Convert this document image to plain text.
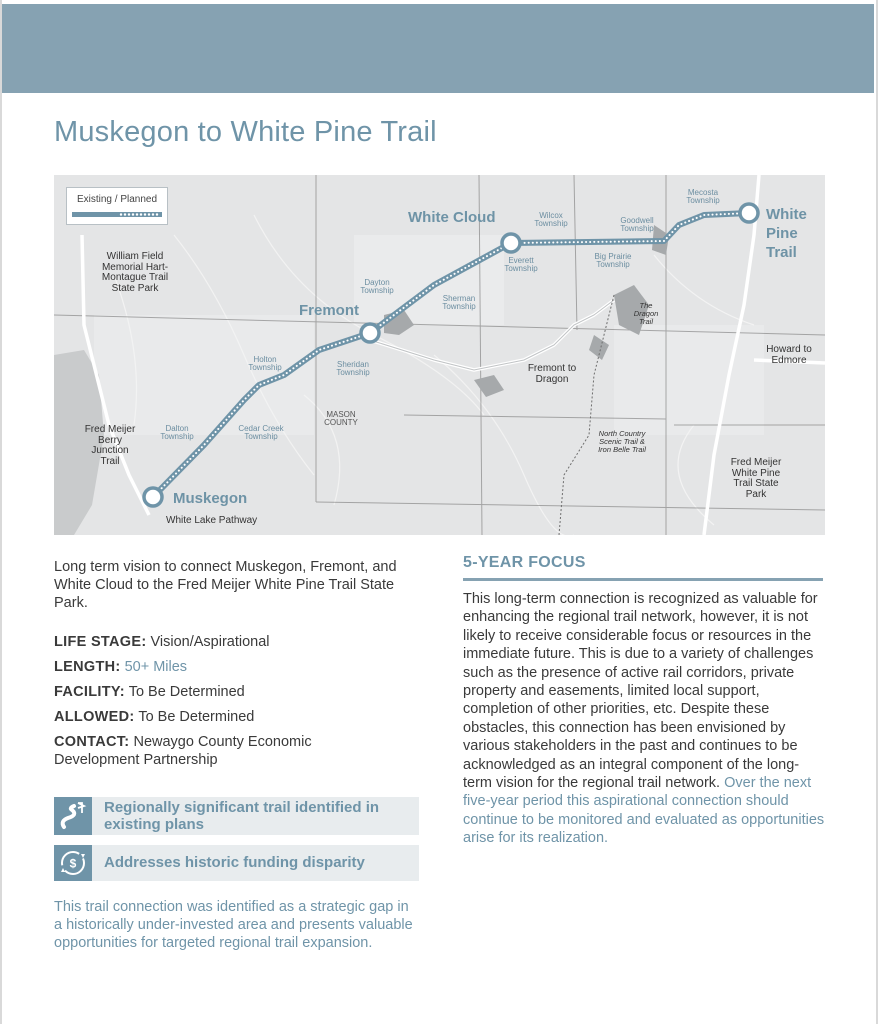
Muskegon to White Pine Trail
Existing / Planned
White Cloud
Fremont
Muskegon
White Pine Trail
Mecosta Township
Wilcox Township	Goodwell Township
Everett Township
Big Prairie Township
Dayton Township
Sherman Township
Sheridan Township
Holton Township
Cedar Creek Township
Dalton Township
William Field Memorial Hart-Montague Trail State Park
The Dragon Trail
Howard to Edmore
Fremont to Dragon
MASON COUNTY
North Country Scenic Trail & Iron Belle Trail
Fred Meijer Berry Junction Trail	Fred Meijer White Pine Trail State Park
White Lake Pathway
Long term vision to connect Muskegon, Fremont, and White Cloud to the Fred Meijer White Pine Trail State Park.
LIFE STAGE: Vision/Aspirational
LENGTH: 50+ Miles
FACILITY: To Be Determined
ALLOWED: To Be Determined
CONTACT: Newaygo County Economic Development Partnership
Regionally significant trail identified in existing plans
$ Addresses historic funding disparity
This trail connection was identified as a strategic gap in a historically under-invested area and presents valuable opportunities for targeted regional trail expansion.
5-YEAR FOCUS
This long-term connection is recognized as valuable for enhancing the regional trail network, however, it is not likely to receive considerable focus or resources in the immediate future. This is due to a variety of challenges such as the presence of active rail corridors, private property and easements, limited local support, completion of other priorities, etc. Despite these obstacles, this connection has been envisioned by various stakeholders in the past and continues to be acknowledged as an integral component of the long-term vision for the regional trail network. Over the next five-year period this aspirational connection should continue to be monitored and evaluated as opportunities arise for its realization.
